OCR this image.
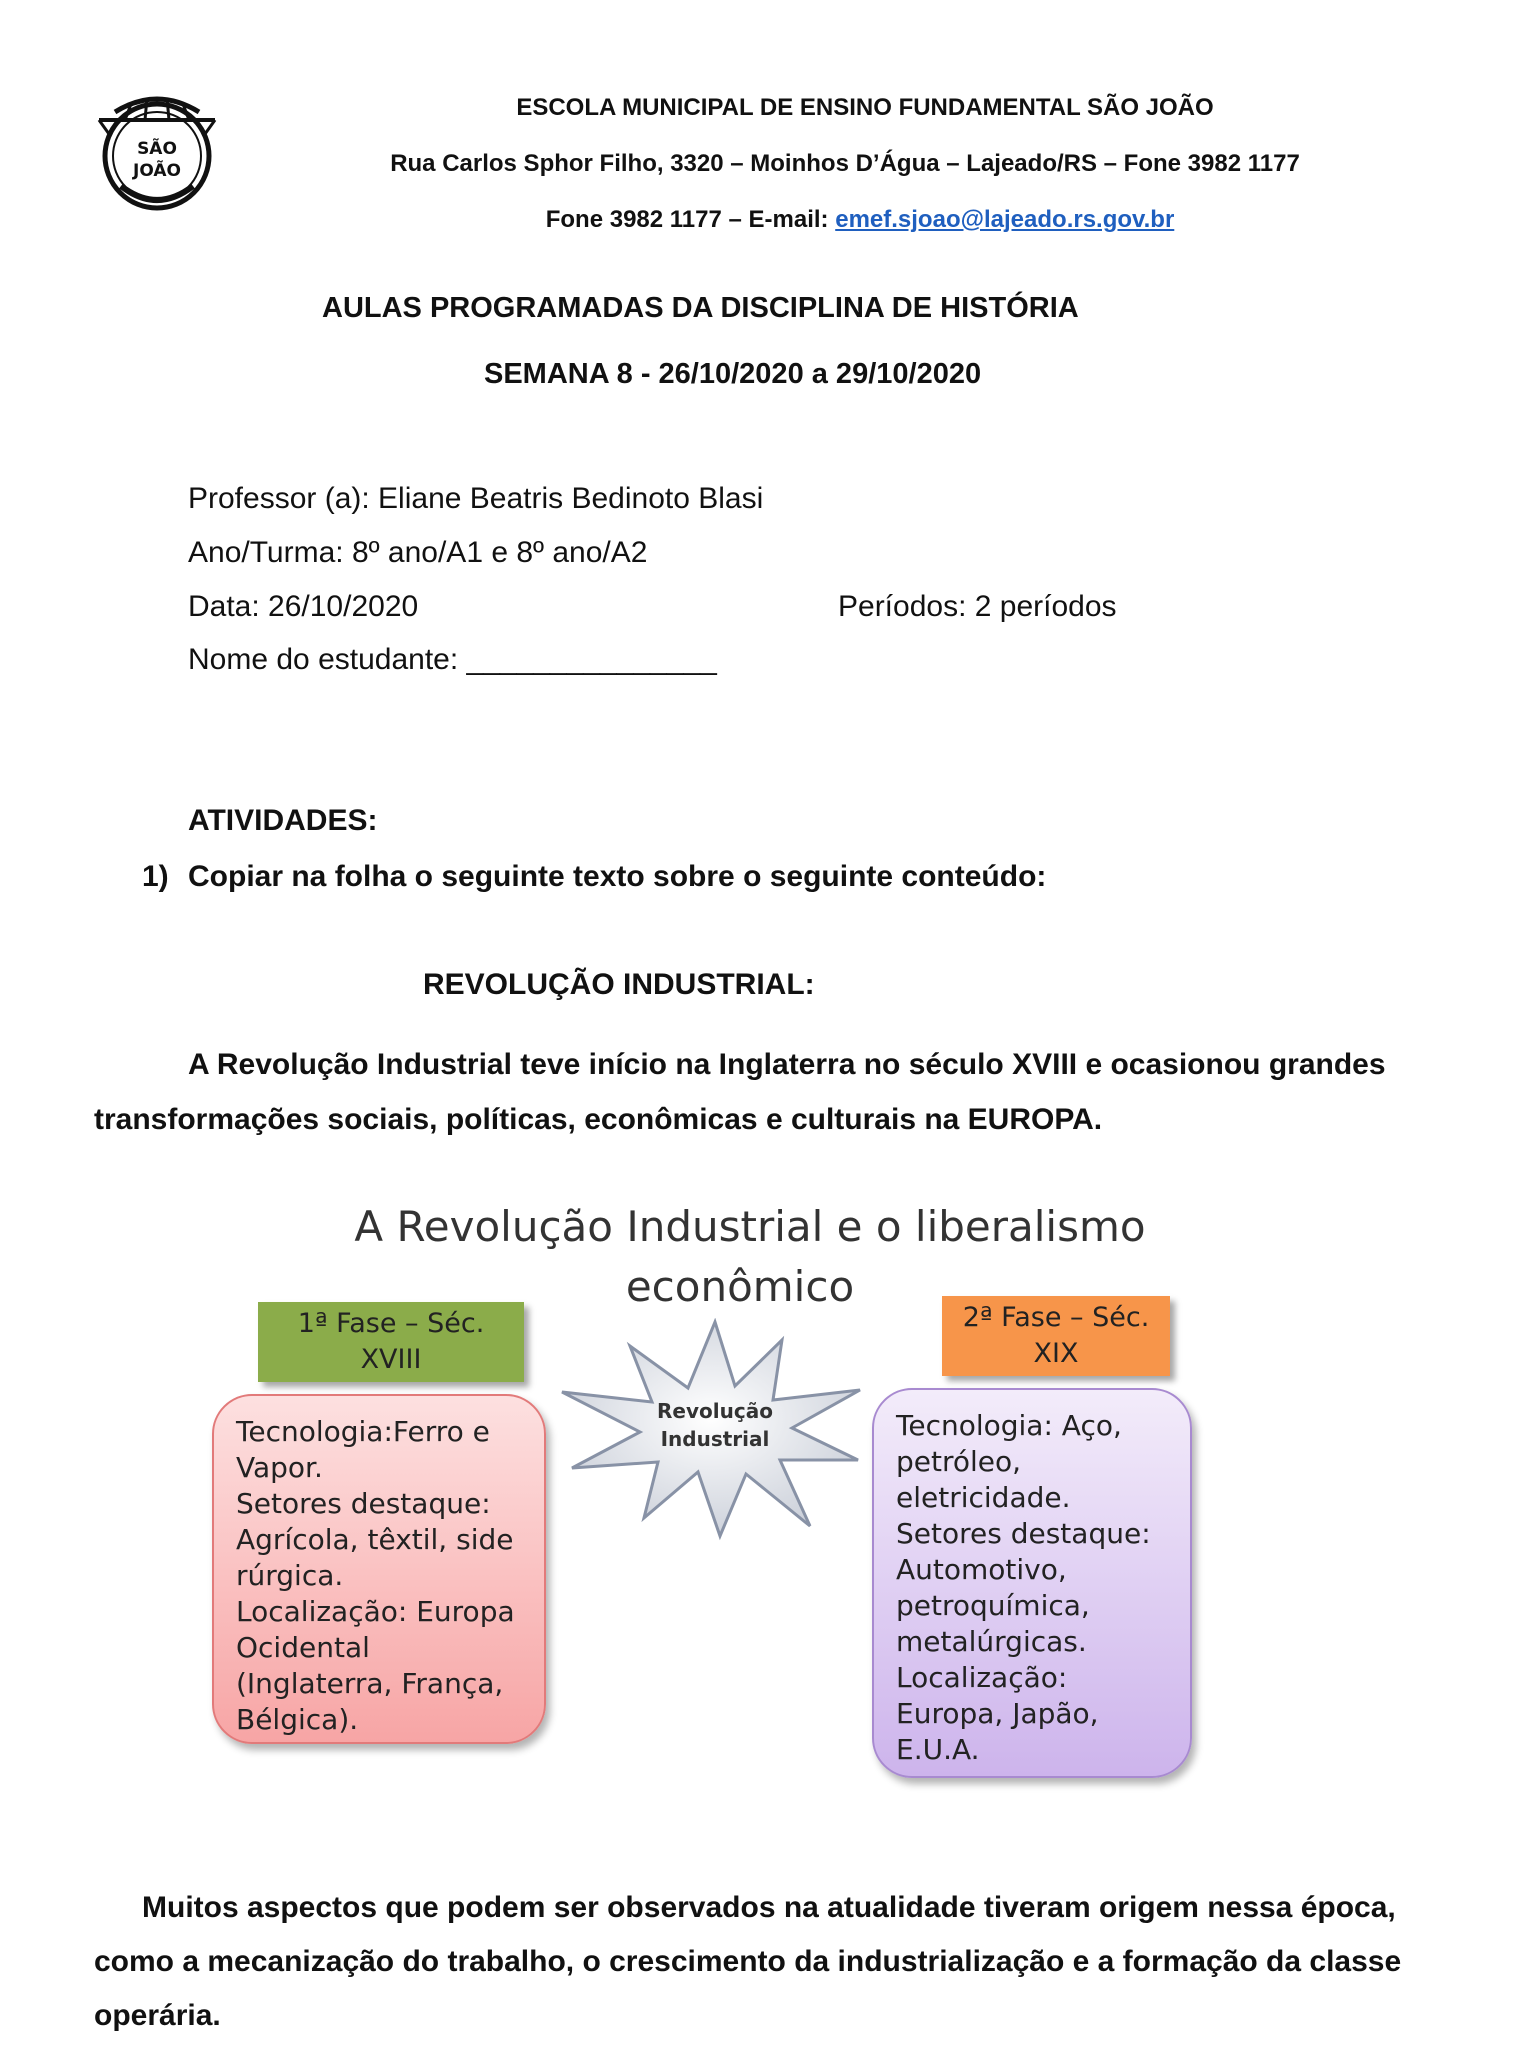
SÃO
JOÃO
ESCOLA MUNICIPAL DE ENSINO FUNDAMENTAL SÃO JOÃO
Rua Carlos Sphor Filho, 3320 – Moinhos D’Água – Lajeado/RS – Fone 3982 1177
Fone 3982 1177 – E-mail: emef.sjoao@lajeado.rs.gov.br
AULAS PROGRAMADAS DA DISCIPLINA DE HISTÓRIA
SEMANA 8 - 26/10/2020 a 29/10/2020
Professor (a): Eliane Beatris Bedinoto Blasi
Ano/Turma: 8º ano/A1 e 8º ano/A2
Data: 26/10/2020	Períodos: 2 períodos
Nome do estudante: _______________
ATIVIDADES:
1) Copiar na folha o seguinte texto sobre o seguinte conteúdo:
REVOLUÇÃO INDUSTRIAL:
A Revolução Industrial teve início na Inglaterra no século XVIII e ocasionou grandes
transformações sociais, políticas, econômicas e culturais na EUROPA.
A Revolução Industrial e o liberalismo
econômico
1ª Fase – Séc.
XVIII
2ª Fase – Séc.
XIX
Revolução
Industrial
Tecnologia:Ferro e
Vapor.
Setores destaque:
Agrícola, têxtil, side
rúrgica.
Localização: Europa
Ocidental
(Inglaterra, França,
Bélgica).
Tecnologia: Aço,
petróleo,
eletricidade.
Setores destaque:
Automotivo,
petroquímica,
metalúrgicas.
Localização:
Europa, Japão,
E.U.A.
Muitos aspectos que podem ser observados na atualidade tiveram origem nessa época,
como a mecanização do trabalho, o crescimento da industrialização e a formação da classe
operária.
